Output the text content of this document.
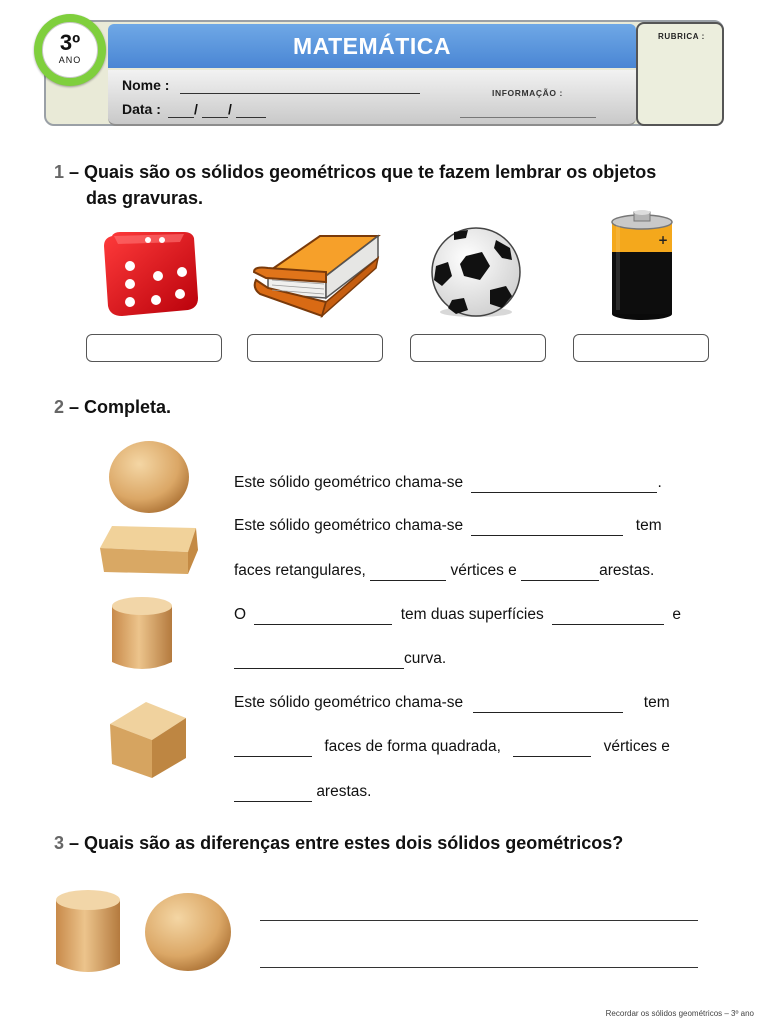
MATEMÁTICA	RUBRICA :
3º
ANO
Nome :
Data : / /
INFORMAÇÃO :
1 – Quais são os sólidos geométricos que te fazem lembrar os objetos
das gravuras.
+
2 – Completa.
Este sólido geométrico chama-se	.
Este sólido geométrico chama-se	tem
faces retangulares,	vértices e	arestas.
O	tem duas superfícies	e
curva.
Este sólido geométrico chama-se	tem
faces de forma quadrada,	vértices e
arestas.
3 – Quais são as diferenças entre estes dois sólidos geométricos?
Recordar os sólidos geométricos – 3º ano
